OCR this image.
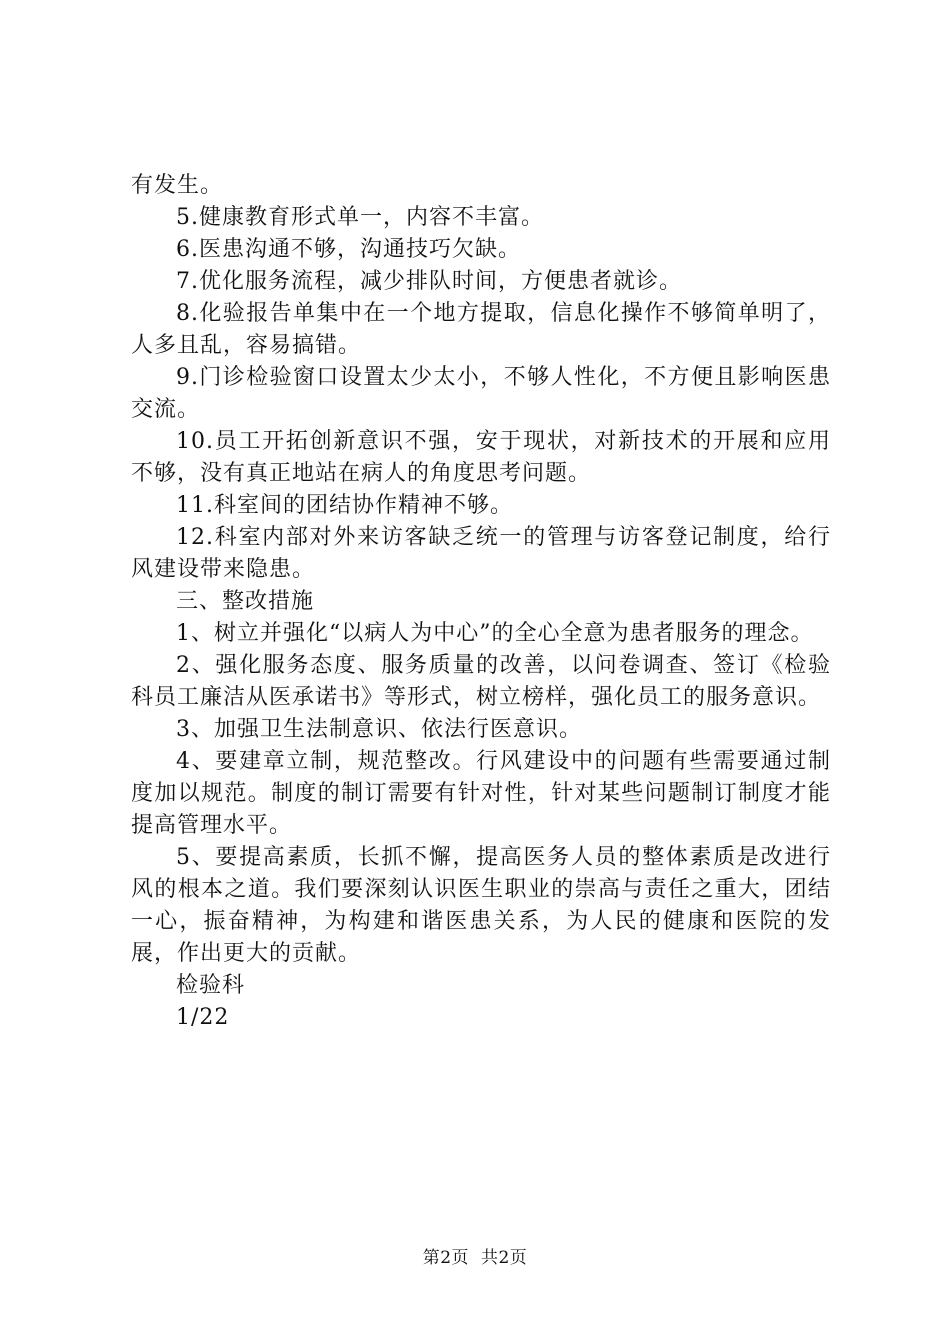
有发生。

5.健康教育形式单一，内容不丰富。

6.医患沟通不够，沟通技巧欠缺。

7.优化服务流程，减少排队时间，方便患者就诊。

8.化验报告单集中在一个地方提取，信息化操作不够简单明了，人多且乱，容易搞错。

9.门诊检验窗口设置太少太小，不够人性化，不方便且影响医患交流。

10.员工开拓创新意识不强，安于现状，对新技术的开展和应用不够，没有真正地站在病人的角度思考问题。

11.科室间的团结协作精神不够。

12.科室内部对外来访客缺乏统一的管理与访客登记制度，给行风建设带来隐患。

三、整改措施

1、树立并强化“以病人为中心”的全心全意为患者服务的理念。

2、强化服务态度、服务质量的改善，以问卷调查、签订《检验科员工廉洁从医承诺书》等形式，树立榜样，强化员工的服务意识。

3、加强卫生法制意识、依法行医意识。

4、要建章立制，规范整改。行风建设中的问题有些需要通过制度加以规范。制度的制订需要有针对性，针对某些问题制订制度才能提高管理水平。

5、要提高素质，长抓不懈，提高医务人员的整体素质是改进行风的根本之道。我们要深刻认识医生职业的崇高与责任之重大，团结一心，振奋精神，为构建和谐医患关系，为人民的健康和医院的发展，作出更大的贡献。

检验科

1/22

第2页 共2页
